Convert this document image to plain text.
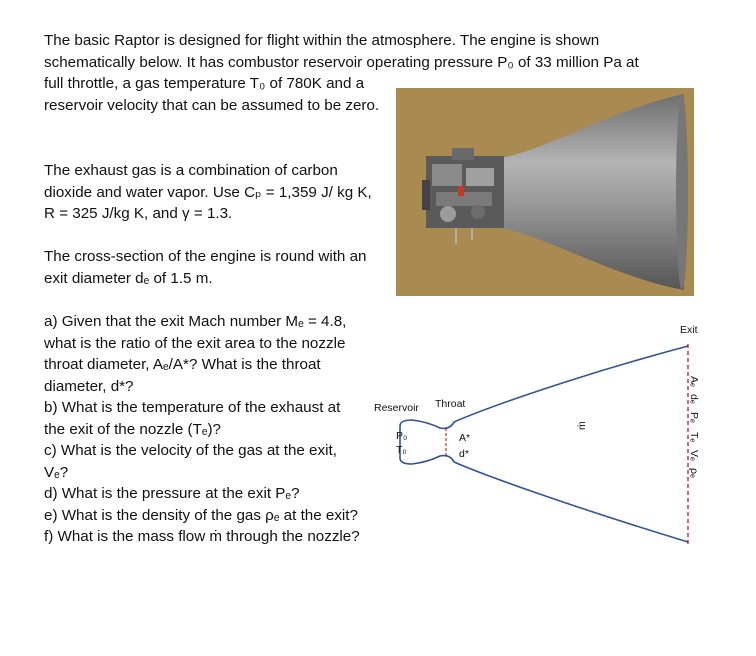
The basic Raptor is designed for flight within the atmosphere. The engine is shown
schematically below. It has combustor reservoir operating pressure P₀ of 33 million Pa at

full throttle, a gas temperature T₀ of 780K and a reservoir velocity that can be assumed to be zero.

The exhaust gas is a combination of carbon dioxide and water vapor. Use Cₚ = 1,359 J/ kg K, R = 325 J/kg K, and γ = 1.3.

The cross-section of the engine is round with an exit diameter dₑ of 1.5 m.

a) Given that the exit Mach number Mₑ = 4.8, what is the ratio of the exit area to the nozzle throat diameter, Aₑ/A*? What is the throat diameter, d*?
b) What is the temperature of the exhaust at the exit of the nozzle (Tₑ)?
c) What is the velocity of the gas at the exit, Vₑ?
d) What is the pressure at the exit Pₑ?
e) What is the density of the gas ρₑ at the exit?
f) What is the mass flow ṁ through the nozzle?
Reservoir Throat
Exit
P₀
T₀
A*
d*
ṁ
Aₑ
dₑ
Pₑ
Tₑ
Vₑ
ρₑ
